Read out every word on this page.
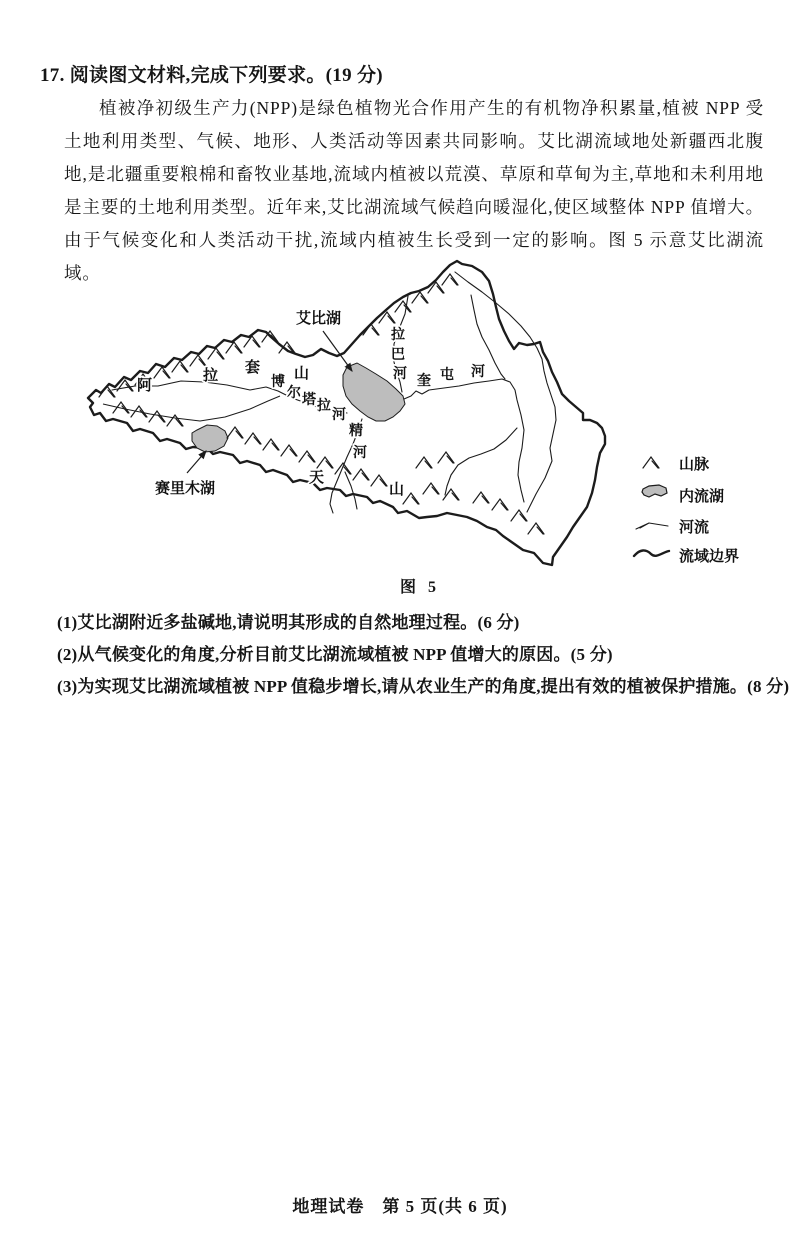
17. 阅读图文材料,完成下列要求。(19 分)

植被净初级生产力(NPP)是绿色植物光合作用产生的有机物净积累量,植被 NPP 受土地利用类型、气候、地形、人类活动等因素共同影响。艾比湖流域地处新疆西北腹地,是北疆重要粮棉和畜牧业基地,流域内植被以荒漠、草原和草甸为主,草地和未利用地是主要的土地利用类型。近年来,艾比湖流域气候趋向暖湿化,使区域整体 NPP 值增大。由于气候变化和人类活动干扰,流域内植被生长受到一定的影响。图 5 示意艾比湖流域。

艾比湖
赛里木湖
阿
拉 套 山
博
尔 塔 拉
河
拉
巴
河 奎 屯 河
精
河
天
山
山脉
内流湖
河流
流域边界
图 5
(1)艾比湖附近多盐碱地,请说明其形成的自然地理过程。(6 分)
(2)从气候变化的角度,分析目前艾比湖流域植被 NPP 值增大的原因。(5 分)
(3)为实现艾比湖流域植被 NPP 值稳步增长,请从农业生产的角度,提出有效的植被保护措施。(8 分)
地理试卷　第 5 页(共 6 页)
